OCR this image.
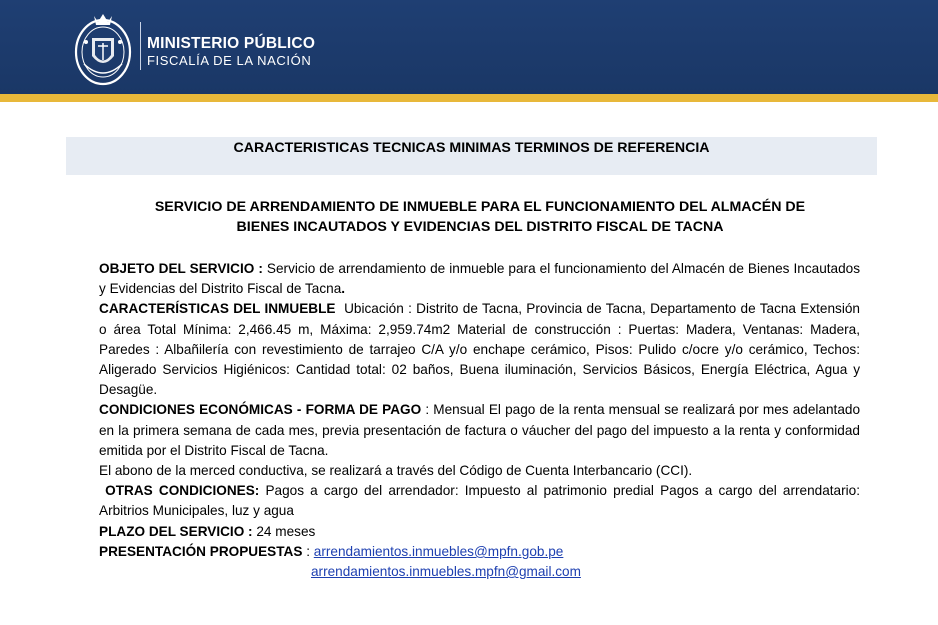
MINISTERIO PÚBLICO
FISCALÍA DE LA NACIÓN
CARACTERISTICAS TECNICAS MINIMAS TERMINOS DE REFERENCIA
SERVICIO DE ARRENDAMIENTO DE INMUEBLE PARA EL FUNCIONAMIENTO DEL ALMACÉN DE
BIENES INCAUTADOS Y EVIDENCIAS DEL DISTRITO FISCAL DE TACNA

OBJETO DEL SERVICIO : Servicio de arrendamiento de inmueble para el funcionamiento del Almacén de Bienes Incautados y Evidencias del Distrito Fiscal de Tacna.

CARACTERÍSTICAS DEL INMUEBLE Ubicación : Distrito de Tacna, Provincia de Tacna, Departamento de Tacna Extensión o área Total Mínima: 2,466.45 m, Máxima: 2,959.74m2 Material de construcción : Puertas: Madera, Ventanas: Madera, Paredes : Albañilería con revestimiento de tarrajeo C/A y/o enchape cerámico, Pisos: Pulido c/ocre y/o cerámico, Techos: Aligerado Servicios Higiénicos: Cantidad total: 02 baños, Buena iluminación, Servicios Básicos, Energía Eléctrica, Agua y Desagüe.

CONDICIONES ECONÓMICAS - FORMA DE PAGO : Mensual El pago de la renta mensual se realizará por mes adelantado en la primera semana de cada mes, previa presentación de factura o váucher del pago del impuesto a la renta y conformidad emitida por el Distrito Fiscal de Tacna.

El abono de la merced conductiva, se realizará a través del Código de Cuenta Interbancario (CCI).

OTRAS CONDICIONES: Pagos a cargo del arrendador: Impuesto al patrimonio predial Pagos a cargo del arrendatario: Arbitrios Municipales, luz y agua

PLAZO DEL SERVICIO : 24 meses

PRESENTACIÓN PROPUESTAS : arrendamientos.inmuebles@mpfn.gob.pe

arrendamientos.inmuebles.mpfn@gmail.com
